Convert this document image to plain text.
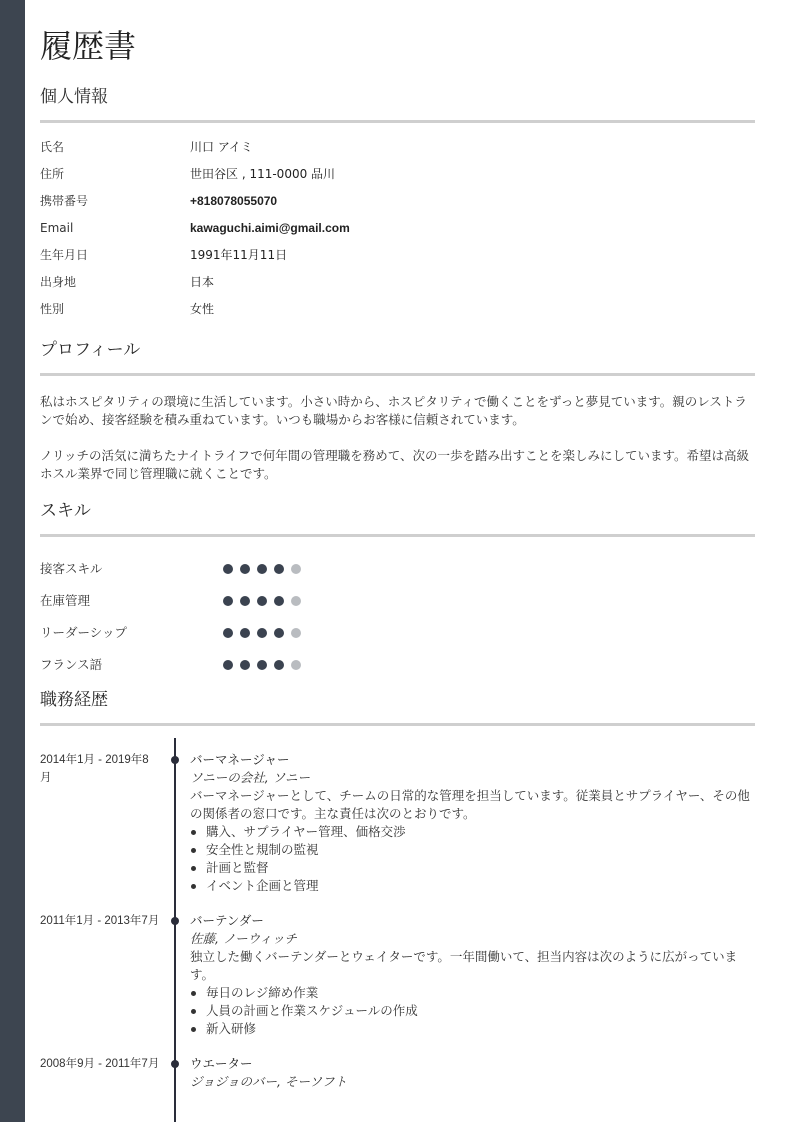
履歴書
個人情報
氏名	川口 アイミ
住所	世田谷区 , 111-0000 品川
携帯番号	+818078055070
Email	kawaguchi.aimi@gmail.com
生年月日	1991年11月11日
出身地	日本
性別	女性
プロフィール

私はホスピタリティの環境に生活しています。小さい時から、ホスピタリティで働くことをずっと夢見ています。親のレストランで始め、接客経験を積み重ねています。いつも職場からお客様に信頼されています。

ノリッチの活気に満ちたナイトライフで何年間の管理職を務めて、次の一歩を踏み出すことを楽しみにしています。希望は高級ホスル業界で同じ管理職に就くことです。

スキル
接客スキル
在庫管理
リーダーシップ
フランス語
職務経歴
2014年1月 - 2019年8月
バーマネージャー
ソニーの会社, ソニー
バーマネージャーとして、チームの日常的な管理を担当しています。従業員とサプライヤー、その他の関係者の窓口です。主な責任は次のとおりです。
購入、サプライヤー管理、価格交渉
安全性と規制の監視
計画と監督
イベント企画と管理
2011年1月 - 2013年7月 バーテンダー
佐藤, ノーウィッチ
独立した働くバーテンダーとウェイターです。一年間働いて、担当内容は次のように広がっています。
毎日のレジ締め作業
人員の計画と作業スケジュールの作成
新入研修
2008年9月 - 2011年7月 ウエーター
ジョジョのバー, そーソフト
